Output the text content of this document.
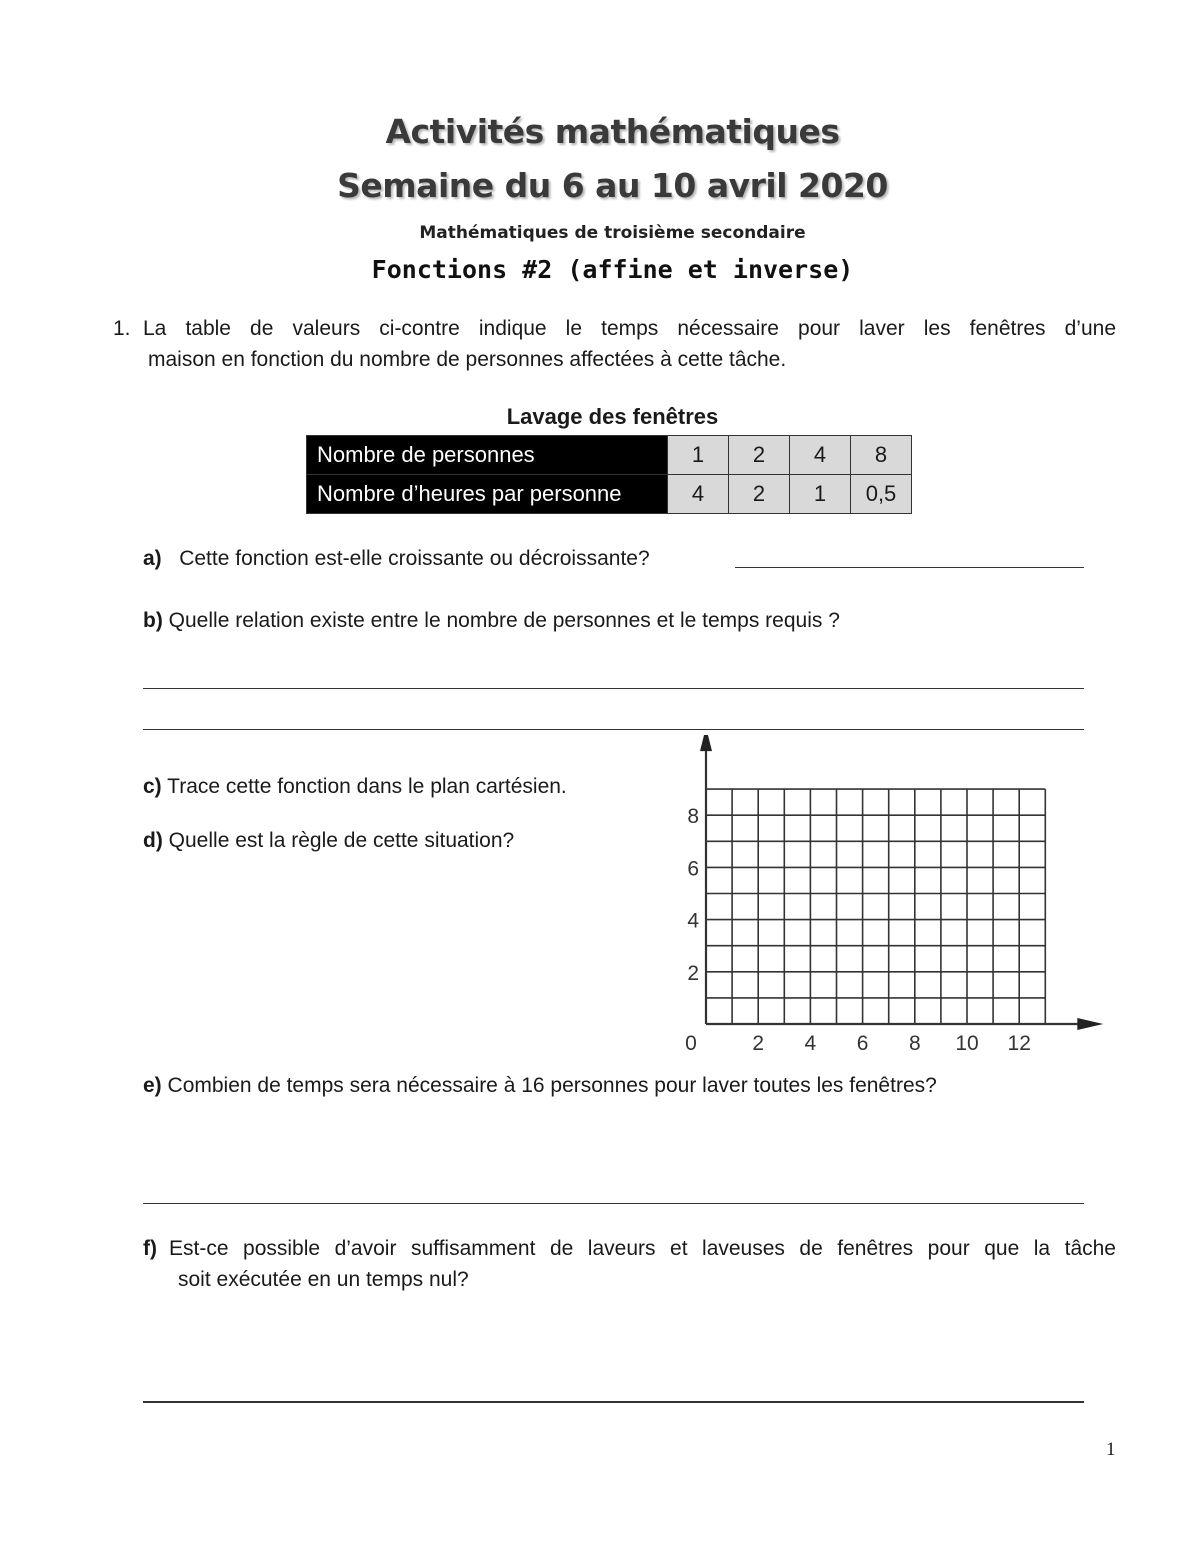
Activités mathématiques
Semaine du 6 au 10 avril 2020
Mathématiques de troisième secondaire
Fonctions #2 (affine et inverse)
1. La table de valeurs ci-contre indique le temps nécessaire pour laver les fenêtres d’une
maison en fonction du nombre de personnes affectées à cette tâche.
Lavage des fenêtres
Nombre de personnes	1	2	4	8
Nombre d’heures par personne	4	2	1	0,5
a) Cette fonction est-elle croissante ou décroissante?
b) Quelle relation existe entre le nombre de personnes et le temps requis ?
c) Trace cette fonction dans le plan cartésien.
d) Quelle est la règle de cette situation?
0	2 4 6 8 10 12
2
4
6
8
e) Combien de temps sera nécessaire à 16 personnes pour laver toutes les fenêtres?
f) Est-ce possible d’avoir suffisamment de laveurs et laveuses de fenêtres pour que la tâche
soit exécutée en un temps nul?
1
